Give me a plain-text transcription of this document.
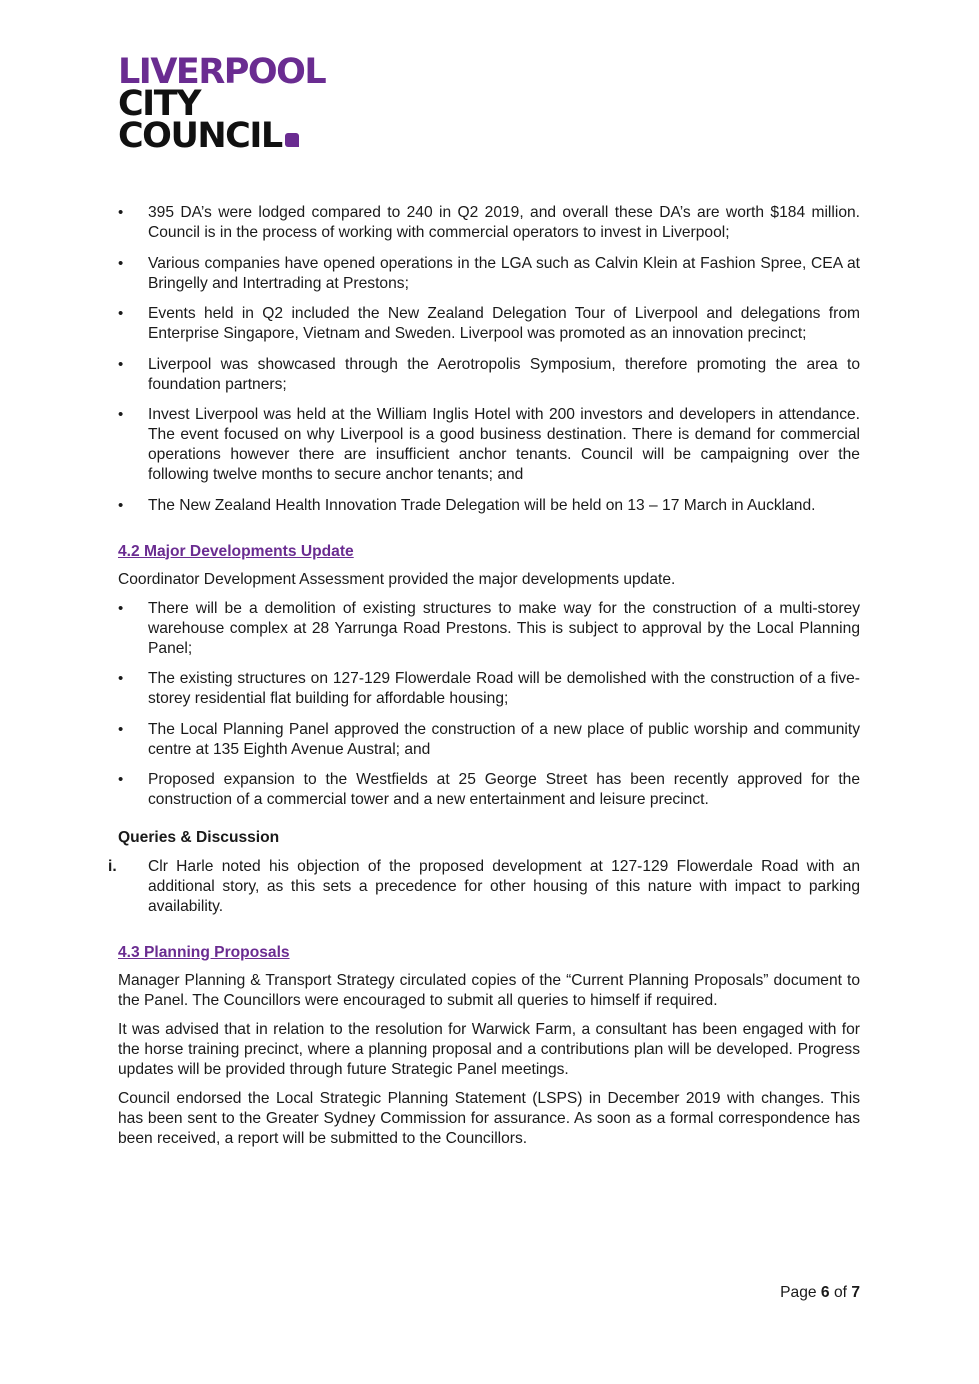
LIVERPOOL
CITY
COUNCIL
• 395 DA’s were lodged compared to 240 in Q2 2019, and overall these DA’s are worth $184 million. Council is in the process of working with commercial operators to invest in Liverpool;
• Various companies have opened operations in the LGA such as Calvin Klein at Fashion Spree, CEA at Bringelly and Intertrading at Prestons;
• Events held in Q2 included the New Zealand Delegation Tour of Liverpool and delegations from Enterprise Singapore, Vietnam and Sweden. Liverpool was promoted as an innovation precinct;
• Liverpool was showcased through the Aerotropolis Symposium, therefore promoting the area to foundation partners;
• Invest Liverpool was held at the William Inglis Hotel with 200 investors and developers in attendance. The event focused on why Liverpool is a good business destination. There is demand for commercial operations however there are insufficient anchor tenants. Council will be campaigning over the following twelve months to secure anchor tenants; and
• The New Zealand Health Innovation Trade Delegation will be held on 13 – 17 March in Auckland.
4.2 Major Developments Update

Coordinator Development Assessment provided the major developments update.

• There will be a demolition of existing structures to make way for the construction of a multi-storey warehouse complex at 28 Yarrunga Road Prestons. This is subject to approval by the Local Planning Panel;
• The existing structures on 127-129 Flowerdale Road will be demolished with the construction of a five-storey residential flat building for affordable housing;
• The Local Planning Panel approved the construction of a new place of public worship and community centre at 135 Eighth Avenue Austral; and
• Proposed expansion to the Westfields at 25 George Street has been recently approved for the construction of a commercial tower and a new entertainment and leisure precinct.
Queries & Discussion
i. Clr Harle noted his objection of the proposed development at 127-129 Flowerdale Road with an additional story, as this sets a precedence for other housing of this nature with impact to parking availability.
4.3 Planning Proposals

Manager Planning & Transport Strategy circulated copies of the “Current Planning Proposals” document to the Panel. The Councillors were encouraged to submit all queries to himself if required.

It was advised that in relation to the resolution for Warwick Farm, a consultant has been engaged with for the horse training precinct, where a planning proposal and a contributions plan will be developed. Progress updates will be provided through future Strategic Panel meetings.

Council endorsed the Local Strategic Planning Statement (LSPS) in December 2019 with changes. This has been sent to the Greater Sydney Commission for assurance. As soon as a formal correspondence has been received, a report will be submitted to the Councillors.

Page 6 of 7
